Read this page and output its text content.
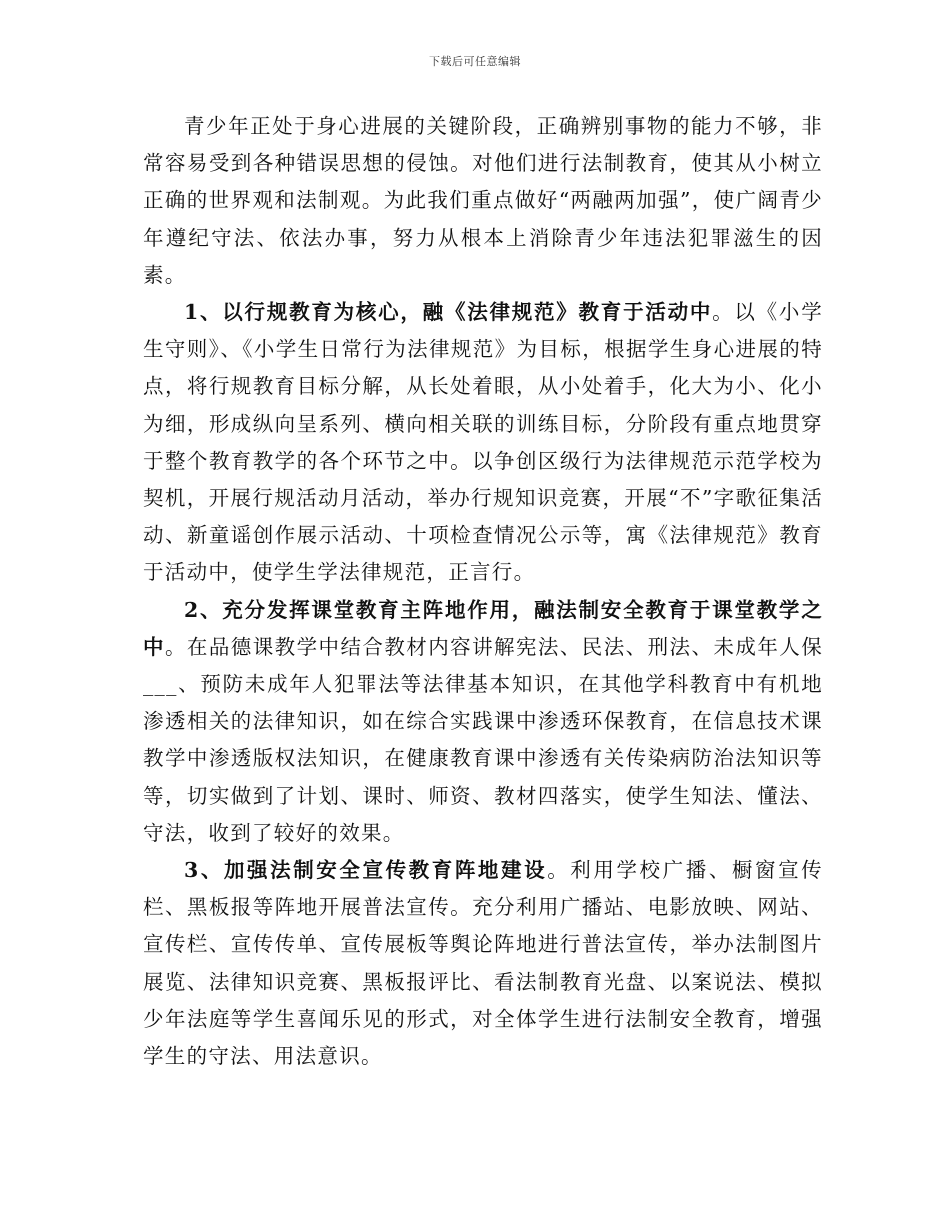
下载后可任意编辑

青少年正处于身心进展的关键阶段，正确辨别事物的能力不够，非常容易受到各种错误思想的侵蚀。对他们进行法制教育，使其从小树立正确的世界观和法制观。为此我们重点做好“两融两加强”，使广阔青少年遵纪守法、依法办事，努力从根本上消除青少年违法犯罪滋生的因素。

1、以行规教育为核心，融《法律规范》教育于活动中。以《小学生守则》、《小学生日常行为法律规范》为目标，根据学生身心进展的特点，将行规教育目标分解，从长处着眼，从小处着手，化大为小、化小为细，形成纵向呈系列、横向相关联的训练目标，分阶段有重点地贯穿于整个教育教学的各个环节之中。以争创区级行为法律规范示范学校为契机，开展行规活动月活动，举办行规知识竞赛，开展“不”字歌征集活动、新童谣创作展示活动、十项检查情况公示等，寓《法律规范》教育于活动中，使学生学法律规范，正言行。

2、充分发挥课堂教育主阵地作用，融法制安全教育于课堂教学之中。在品德课教学中结合教材内容讲解宪法、民法、刑法、未成年人保___、预防未成年人犯罪法等法律基本知识，在其他学科教育中有机地渗透相关的法律知识，如在综合实践课中渗透环保教育，在信息技术课教学中渗透版权法知识，在健康教育课中渗透有关传染病防治法知识等等，切实做到了计划、课时、师资、教材四落实，使学生知法、懂法、守法，收到了较好的效果。

3、加强法制安全宣传教育阵地建设。利用学校广播、橱窗宣传栏、黑板报等阵地开展普法宣传。充分利用广播站、电影放映、网站、宣传栏、宣传传单、宣传展板等舆论阵地进行普法宣传，举办法制图片展览、法律知识竞赛、黑板报评比、看法制教育光盘、以案说法、模拟少年法庭等学生喜闻乐见的形式，对全体学生进行法制安全教育，增强学生的守法、用法意识。
